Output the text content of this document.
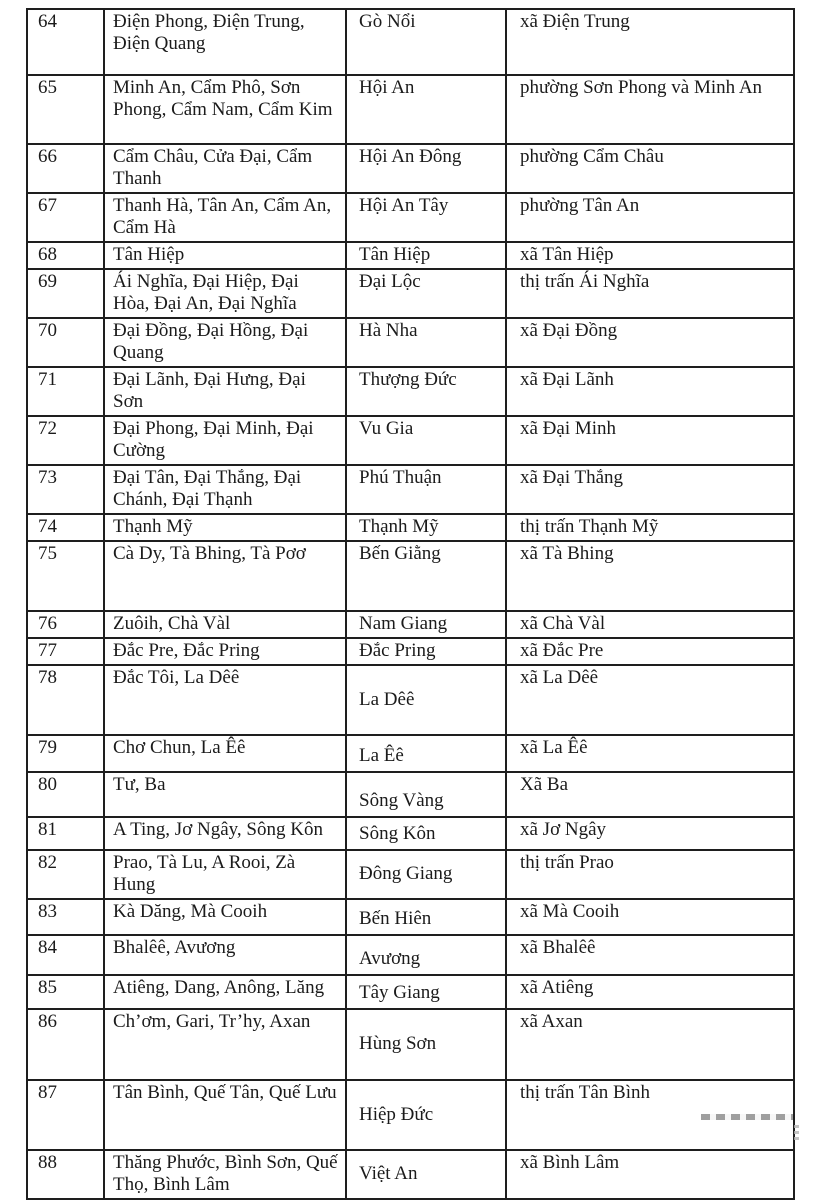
64	Điện Phong, Điện Trung, Điện Quang	Gò Nổi	xã Điện Trung
65	Minh An, Cẩm Phô, Sơn Phong, Cẩm Nam, Cẩm Kim	Hội An	phường Sơn Phong và Minh An
66	Cẩm Châu, Cửa Đại, Cẩm Thanh	Hội An Đông	phường Cẩm Châu
67	Thanh Hà, Tân An, Cẩm An, Cẩm Hà	Hội An Tây	phường Tân An
68	Tân Hiệp	Tân Hiệp	xã Tân Hiệp
69	Ái Nghĩa, Đại Hiệp, Đại Hòa, Đại An, Đại Nghĩa	Đại Lộc	thị trấn Ái Nghĩa
70	Đại Đồng, Đại Hồng, Đại Quang	Hà Nha	xã Đại Đồng
71	Đại Lãnh, Đại Hưng, Đại Sơn	Thượng Đức	xã Đại Lãnh
72	Đại Phong, Đại Minh, Đại Cường	Vu Gia	xã Đại Minh
73	Đại Tân, Đại Thắng, Đại Chánh, Đại Thạnh	Phú Thuận	xã Đại Thắng
74	Thạnh Mỹ	Thạnh Mỹ	thị trấn Thạnh Mỹ
75	Cà Dy, Tà Bhing, Tà Pơơ	Bến Giằng	xã Tà Bhing
76	Zuôih, Chà Vàl	Nam Giang	xã Chà Vàl
77	Đắc Pre, Đắc Pring	Đắc Pring	xã Đắc Pre
78	Đắc Tôi, La Dêê	La Dêê	xã La Dêê
79	Chơ Chun, La Êê	La Êê	xã La Êê
80	Tư, Ba	Sông Vàng	Xã Ba
81	A Ting, Jơ Ngây, Sông Kôn	Sông Kôn	xã Jơ Ngây
82	Prao, Tà Lu, A Rooi, Zà Hung	Đông Giang	thị trấn Prao
83	Kà Dăng, Mà Cooih	Bến Hiên	xã Mà Cooih
84	Bhalêê, Avương	Avương	xã Bhalêê
85	Atiêng, Dang, Anông, Lăng	Tây Giang	xã Atiêng
86	Ch’ơm, Gari, Tr’hy, Axan	Hùng Sơn	xã Axan
87	Tân Bình, Quế Tân, Quế Lưu	Hiệp Đức	thị trấn Tân Bình
88	Thăng Phước, Bình Sơn, Quế Thọ, Bình Lâm	Việt An	xã Bình Lâm
